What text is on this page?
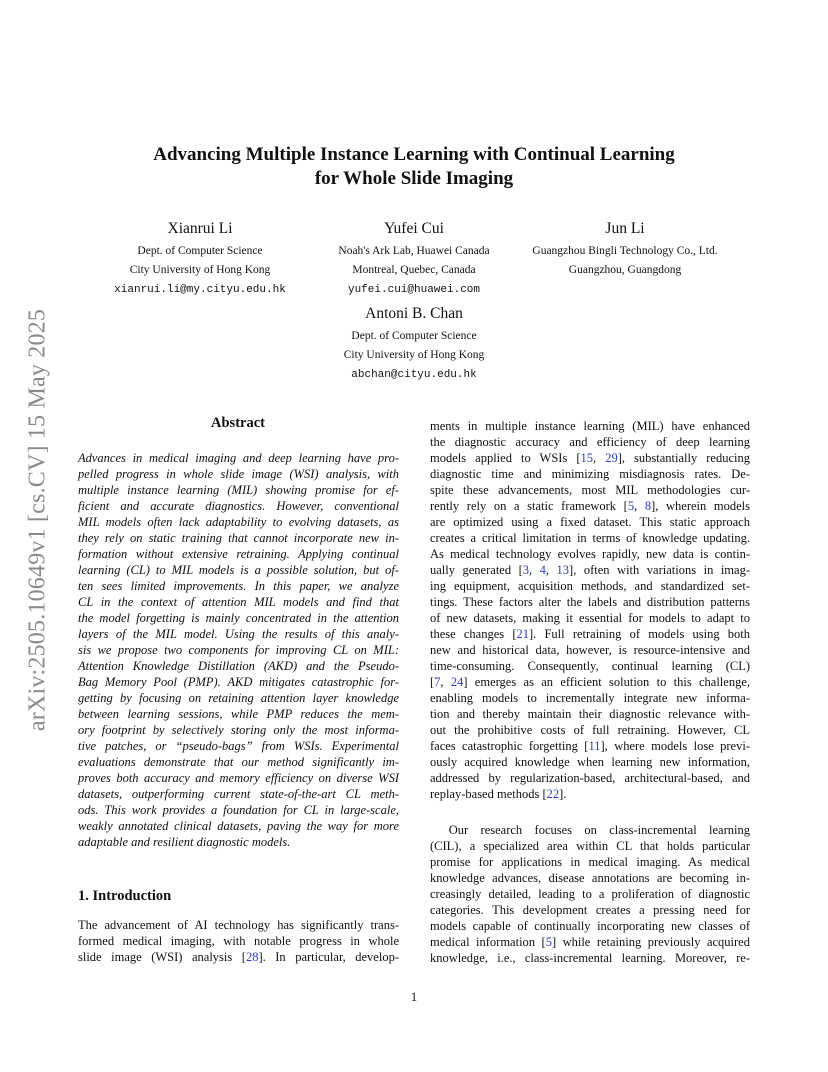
arXiv:2505.10649v1 [cs.CV] 15 May 2025
Advancing Multiple Instance Learning with Continual Learning
for Whole Slide Imaging
Xianrui Li
Dept. of Computer Science
City University of Hong Kong
xianrui.li@my.cityu.edu.hk
Yufei Cui
Noah's Ark Lab, Huawei Canada
Montreal, Quebec, Canada
yufei.cui@huawei.com
Jun Li
Guangzhou Bingli Technology Co., Ltd.
Guangzhou, Guangdong
Antoni B. Chan
Dept. of Computer Science
City University of Hong Kong
abchan@cityu.edu.hk
Abstract
Advances in medical imaging and deep learning have pro-
pelled progress in whole slide image (WSI) analysis, with
multiple instance learning (MIL) showing promise for ef-
ficient and accurate diagnostics. However, conventional
MIL models often lack adaptability to evolving datasets, as
they rely on static training that cannot incorporate new in-
formation without extensive retraining. Applying continual
learning (CL) to MIL models is a possible solution, but of-
ten sees limited improvements. In this paper, we analyze
CL in the context of attention MIL models and find that
the model forgetting is mainly concentrated in the attention
layers of the MIL model. Using the results of this analy-
sis we propose two components for improving CL on MIL:
Attention Knowledge Distillation (AKD) and the Pseudo-
Bag Memory Pool (PMP). AKD mitigates catastrophic for-
getting by focusing on retaining attention layer knowledge
between learning sessions, while PMP reduces the mem-
ory footprint by selectively storing only the most informa-
tive patches, or “pseudo-bags” from WSIs. Experimental
evaluations demonstrate that our method significantly im-
proves both accuracy and memory efficiency on diverse WSI
datasets, outperforming current state-of-the-art CL meth-
ods. This work provides a foundation for CL in large-scale,
weakly annotated clinical datasets, paving the way for more
adaptable and resilient diagnostic models.
1. Introduction
The advancement of AI technology has significantly trans-
formed medical imaging, with notable progress in whole
slide image (WSI) analysis [28]. In particular, develop-
ments in multiple instance learning (MIL) have enhanced
the diagnostic accuracy and efficiency of deep learning
models applied to WSIs [15, 29], substantially reducing
diagnostic time and minimizing misdiagnosis rates. De-
spite these advancements, most MIL methodologies cur-
rently rely on a static framework [5, 8], wherein models
are optimized using a fixed dataset. This static approach
creates a critical limitation in terms of knowledge updating.
As medical technology evolves rapidly, new data is contin-
ually generated [3, 4, 13], often with variations in imag-
ing equipment, acquisition methods, and standardized set-
tings. These factors alter the labels and distribution patterns
of new datasets, making it essential for models to adapt to
these changes [21]. Full retraining of models using both
new and historical data, however, is resource-intensive and
time-consuming. Consequently, continual learning (CL)
[7, 24] emerges as an efficient solution to this challenge,
enabling models to incrementally integrate new informa-
tion and thereby maintain their diagnostic relevance with-
out the prohibitive costs of full retraining. However, CL
faces catastrophic forgetting [11], where models lose previ-
ously acquired knowledge when learning new information,
addressed by regularization-based, architectural-based, and
replay-based methods [22].
  Our research focuses on class-incremental learning
(CIL), a specialized area within CL that holds particular
promise for applications in medical imaging. As medical
knowledge advances, disease annotations are becoming in-
creasingly detailed, leading to a proliferation of diagnostic
categories. This development creates a pressing need for
models capable of continually incorporating new classes of
medical information [5] while retaining previously acquired
knowledge, i.e., class-incremental learning. Moreover, re-
1
